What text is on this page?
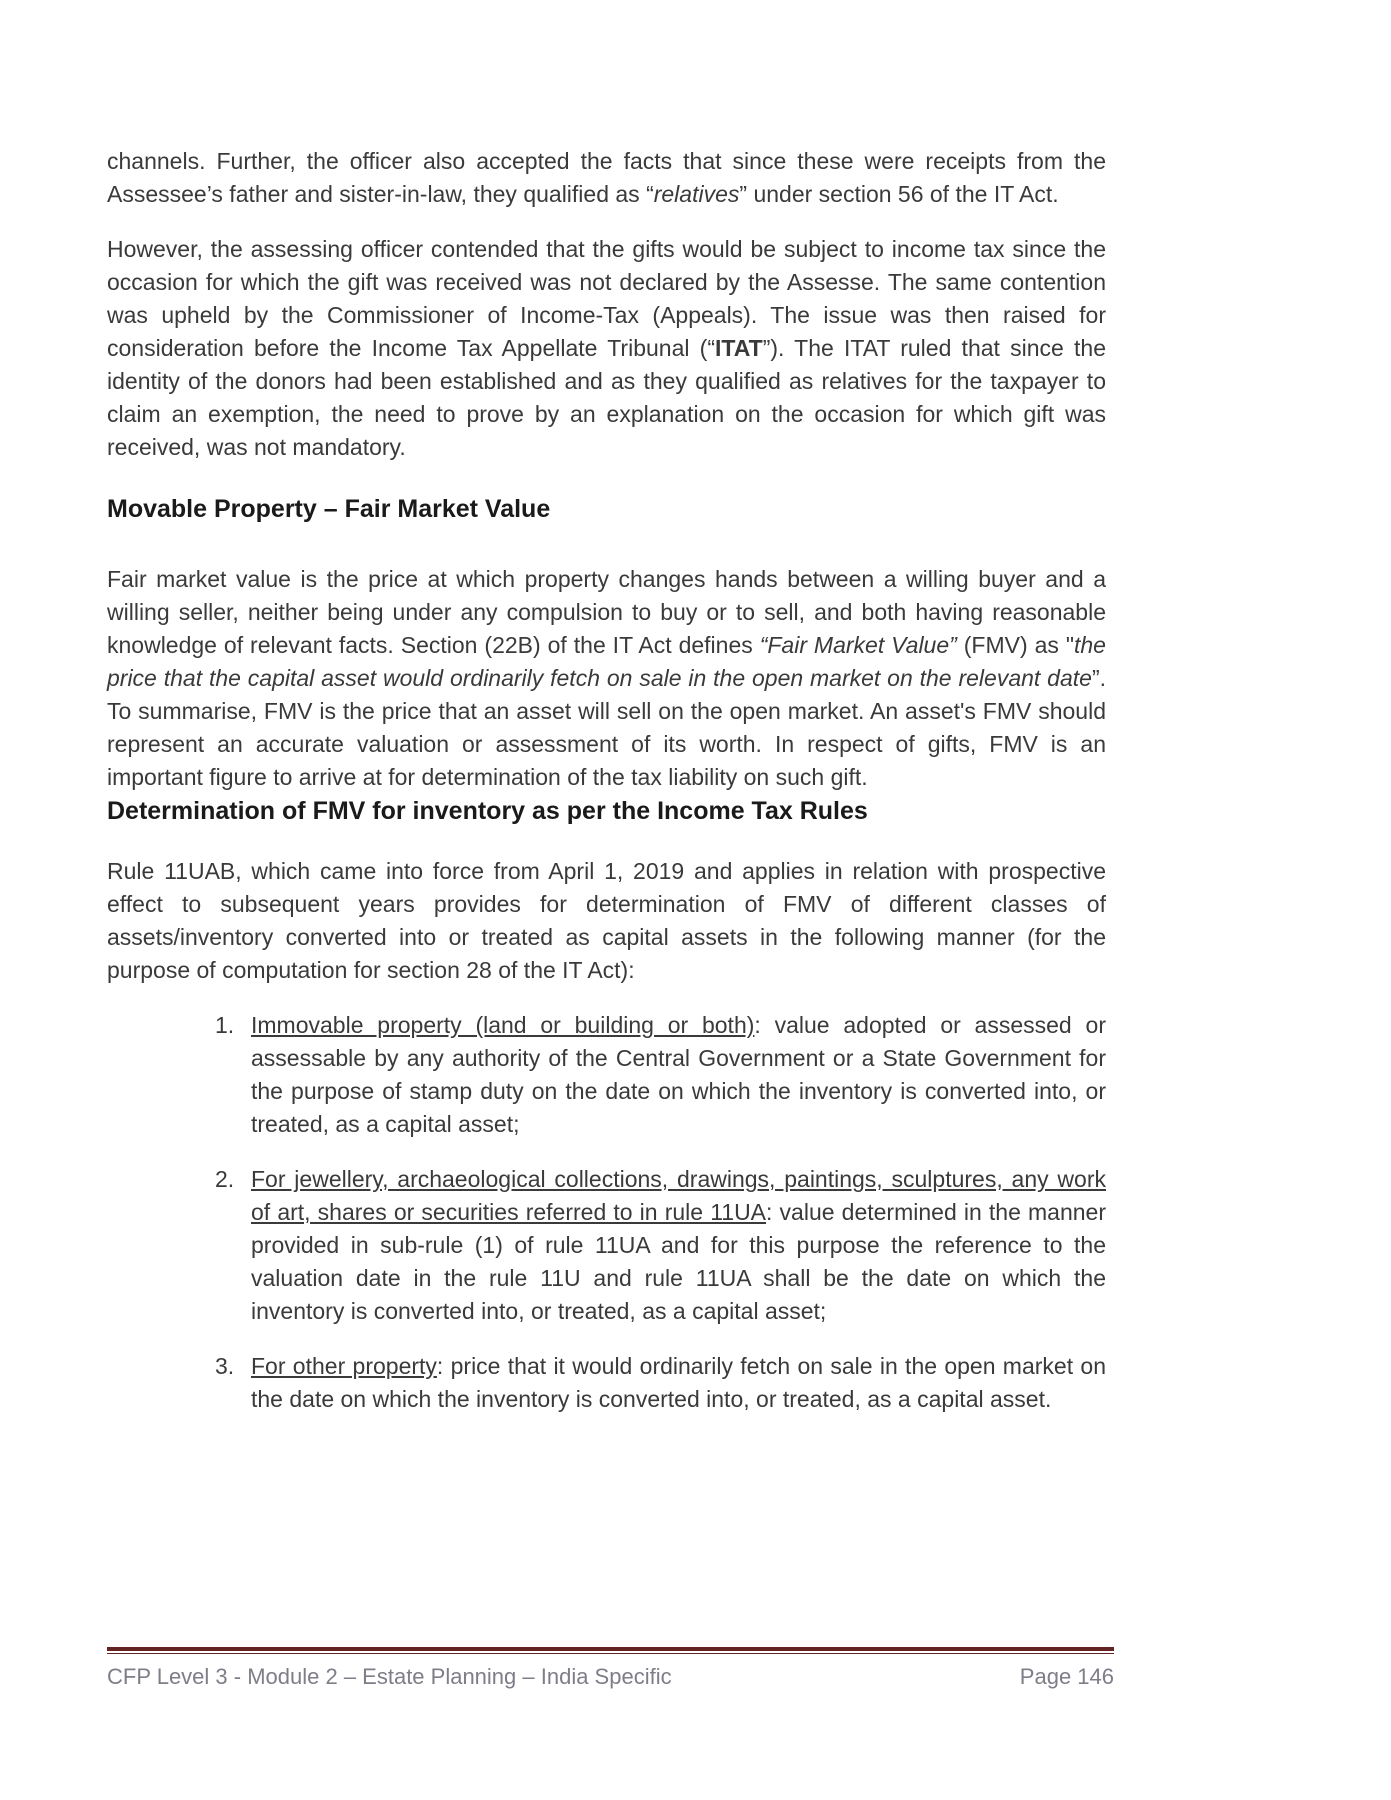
channels. Further, the officer also accepted the facts that since these were receipts from the Assessee’s father and sister-in-law, they qualified as “relatives” under section 56 of the IT Act.

However, the assessing officer contended that the gifts would be subject to income tax since the occasion for which the gift was received was not declared by the Assesse. The same contention was upheld by the Commissioner of Income-Tax (Appeals). The issue was then raised for consideration before the Income Tax Appellate Tribunal (“ITAT”). The ITAT ruled that since the identity of the donors had been established and as they qualified as relatives for the taxpayer to claim an exemption, the need to prove by an explanation on the occasion for which gift was received, was not mandatory.

Movable Property – Fair Market Value

Fair market value is the price at which property changes hands between a willing buyer and a willing seller, neither being under any compulsion to buy or to sell, and both having reasonable knowledge of relevant facts. Section (22B) of the IT Act defines “Fair Market Value” (FMV) as "the price that the capital asset would ordinarily fetch on sale in the open market on the relevant date”. To summarise, FMV is the price that an asset will sell on the open market. An asset's FMV should represent an accurate valuation or assessment of its worth. In respect of gifts, FMV is an important figure to arrive at for determination of the tax liability on such gift.

Determination of FMV for inventory as per the Income Tax Rules

Rule 11UAB, which came into force from April 1, 2019 and applies in relation with prospective effect to subsequent years provides for determination of FMV of different classes of assets/inventory converted into or treated as capital assets in the following manner (for the purpose of computation for section 28 of the IT Act):

1. Immovable property (land or building or both): value adopted or assessed or assessable by any authority of the Central Government or a State Government for the purpose of stamp duty on the date on which the inventory is converted into, or treated, as a capital asset;
2. For jewellery, archaeological collections, drawings, paintings, sculptures, any work of art, shares or securities referred to in rule 11UA: value determined in the manner provided in sub-rule (1) of rule 11UA and for this purpose the reference to the valuation date in the rule 11U and rule 11UA shall be the date on which the inventory is converted into, or treated, as a capital asset;
3. For other property: price that it would ordinarily fetch on sale in the open market on the date on which the inventory is converted into, or treated, as a capital asset.
CFP Level 3 - Module 2 – Estate Planning – India Specific	Page 146
